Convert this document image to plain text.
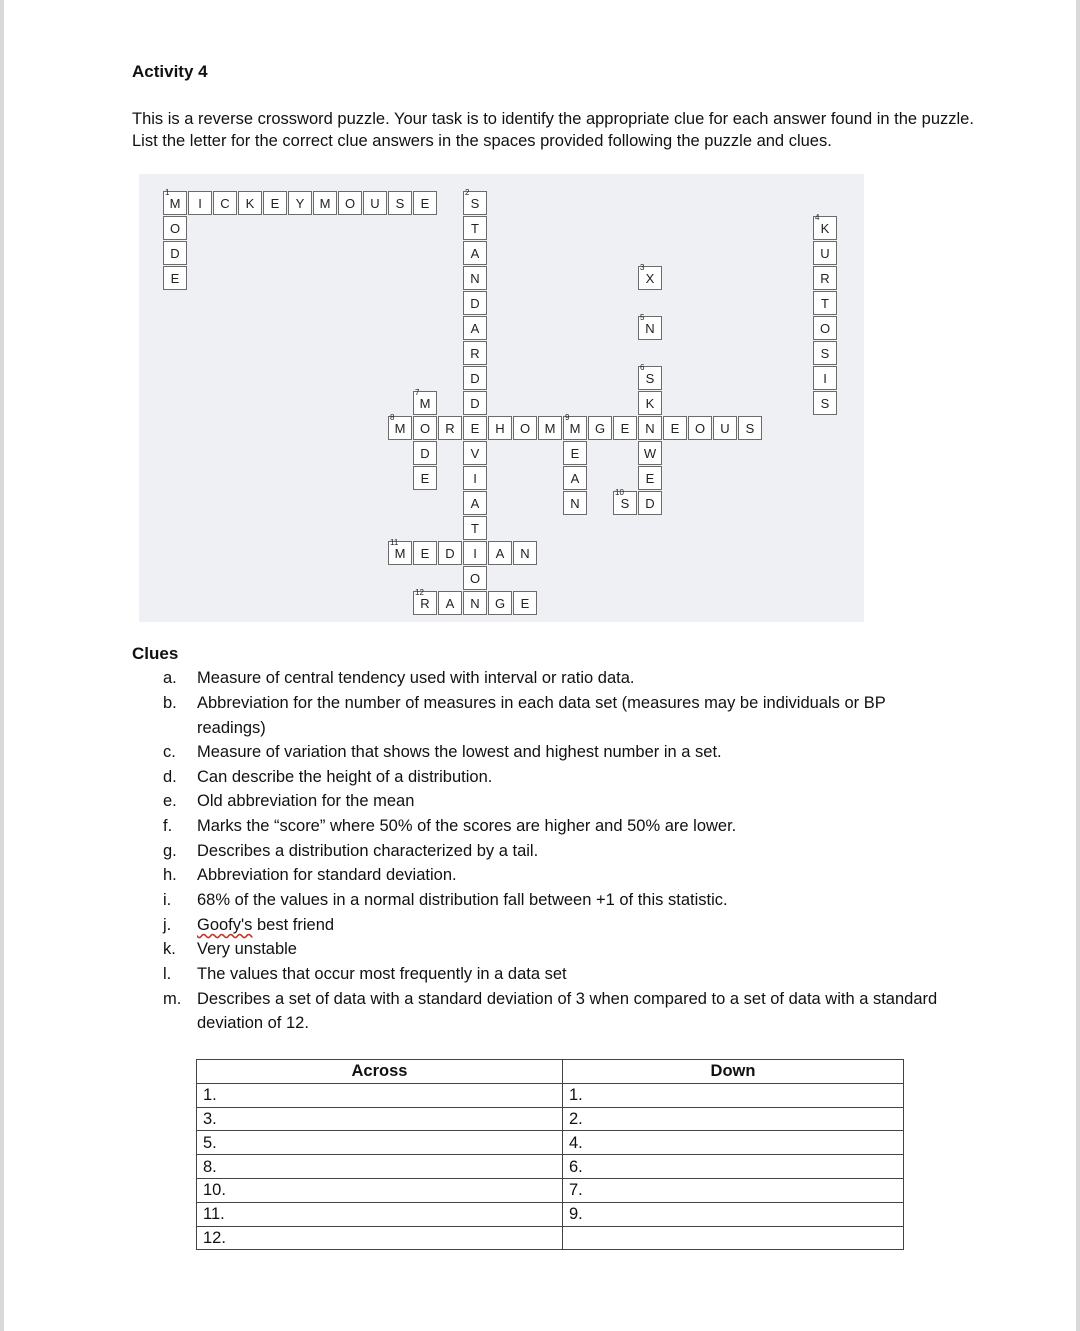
Activity 4
This is a reverse crossword puzzle. Your task is to identify the appropriate clue for each answer found in the puzzle.
List the letter for the correct clue answers in the spaces provided following the puzzle and clues.
M
1
I	C	K	E	Y	M	O	U	S	E
O
D
E
S
2
T
A
N
D
A
R
D
D
E
V
I
A
T
I
O
N
X
3
K
4
U
R
T
O
S
I
S
N
5
S
6
K
N
W
E
D
M
7
O
D
E
M
8
R	H	O	M	M
9
G	E	E	O	U	S
E
A
N	S
10
M
11
E	D	A	N
R
12
A	G	E
Clues
a. Measure of central tendency used with interval or ratio data.
b. Abbreviation for the number of measures in each data set (measures may be individuals or BP
readings)
c. Measure of variation that shows the lowest and highest number in a set.
d. Can describe the height of a distribution.
e. Old abbreviation for the mean
f. Marks the “score” where 50% of the scores are higher and 50% are lower.
g. Describes a distribution characterized by a tail.
h. Abbreviation for standard deviation.
i. 68% of the values in a normal distribution fall between +1 of this statistic.
j. Goofy's best friend
k. Very unstable
l. The values that occur most frequently in a data set
m. Describes a set of data with a standard deviation of 3 when compared to a set of data with a standard
deviation of 12.
Across	Down
1.	1.
3.	2.
5.	4.
8.	6.
10.	7.
11.	9.
12.	
